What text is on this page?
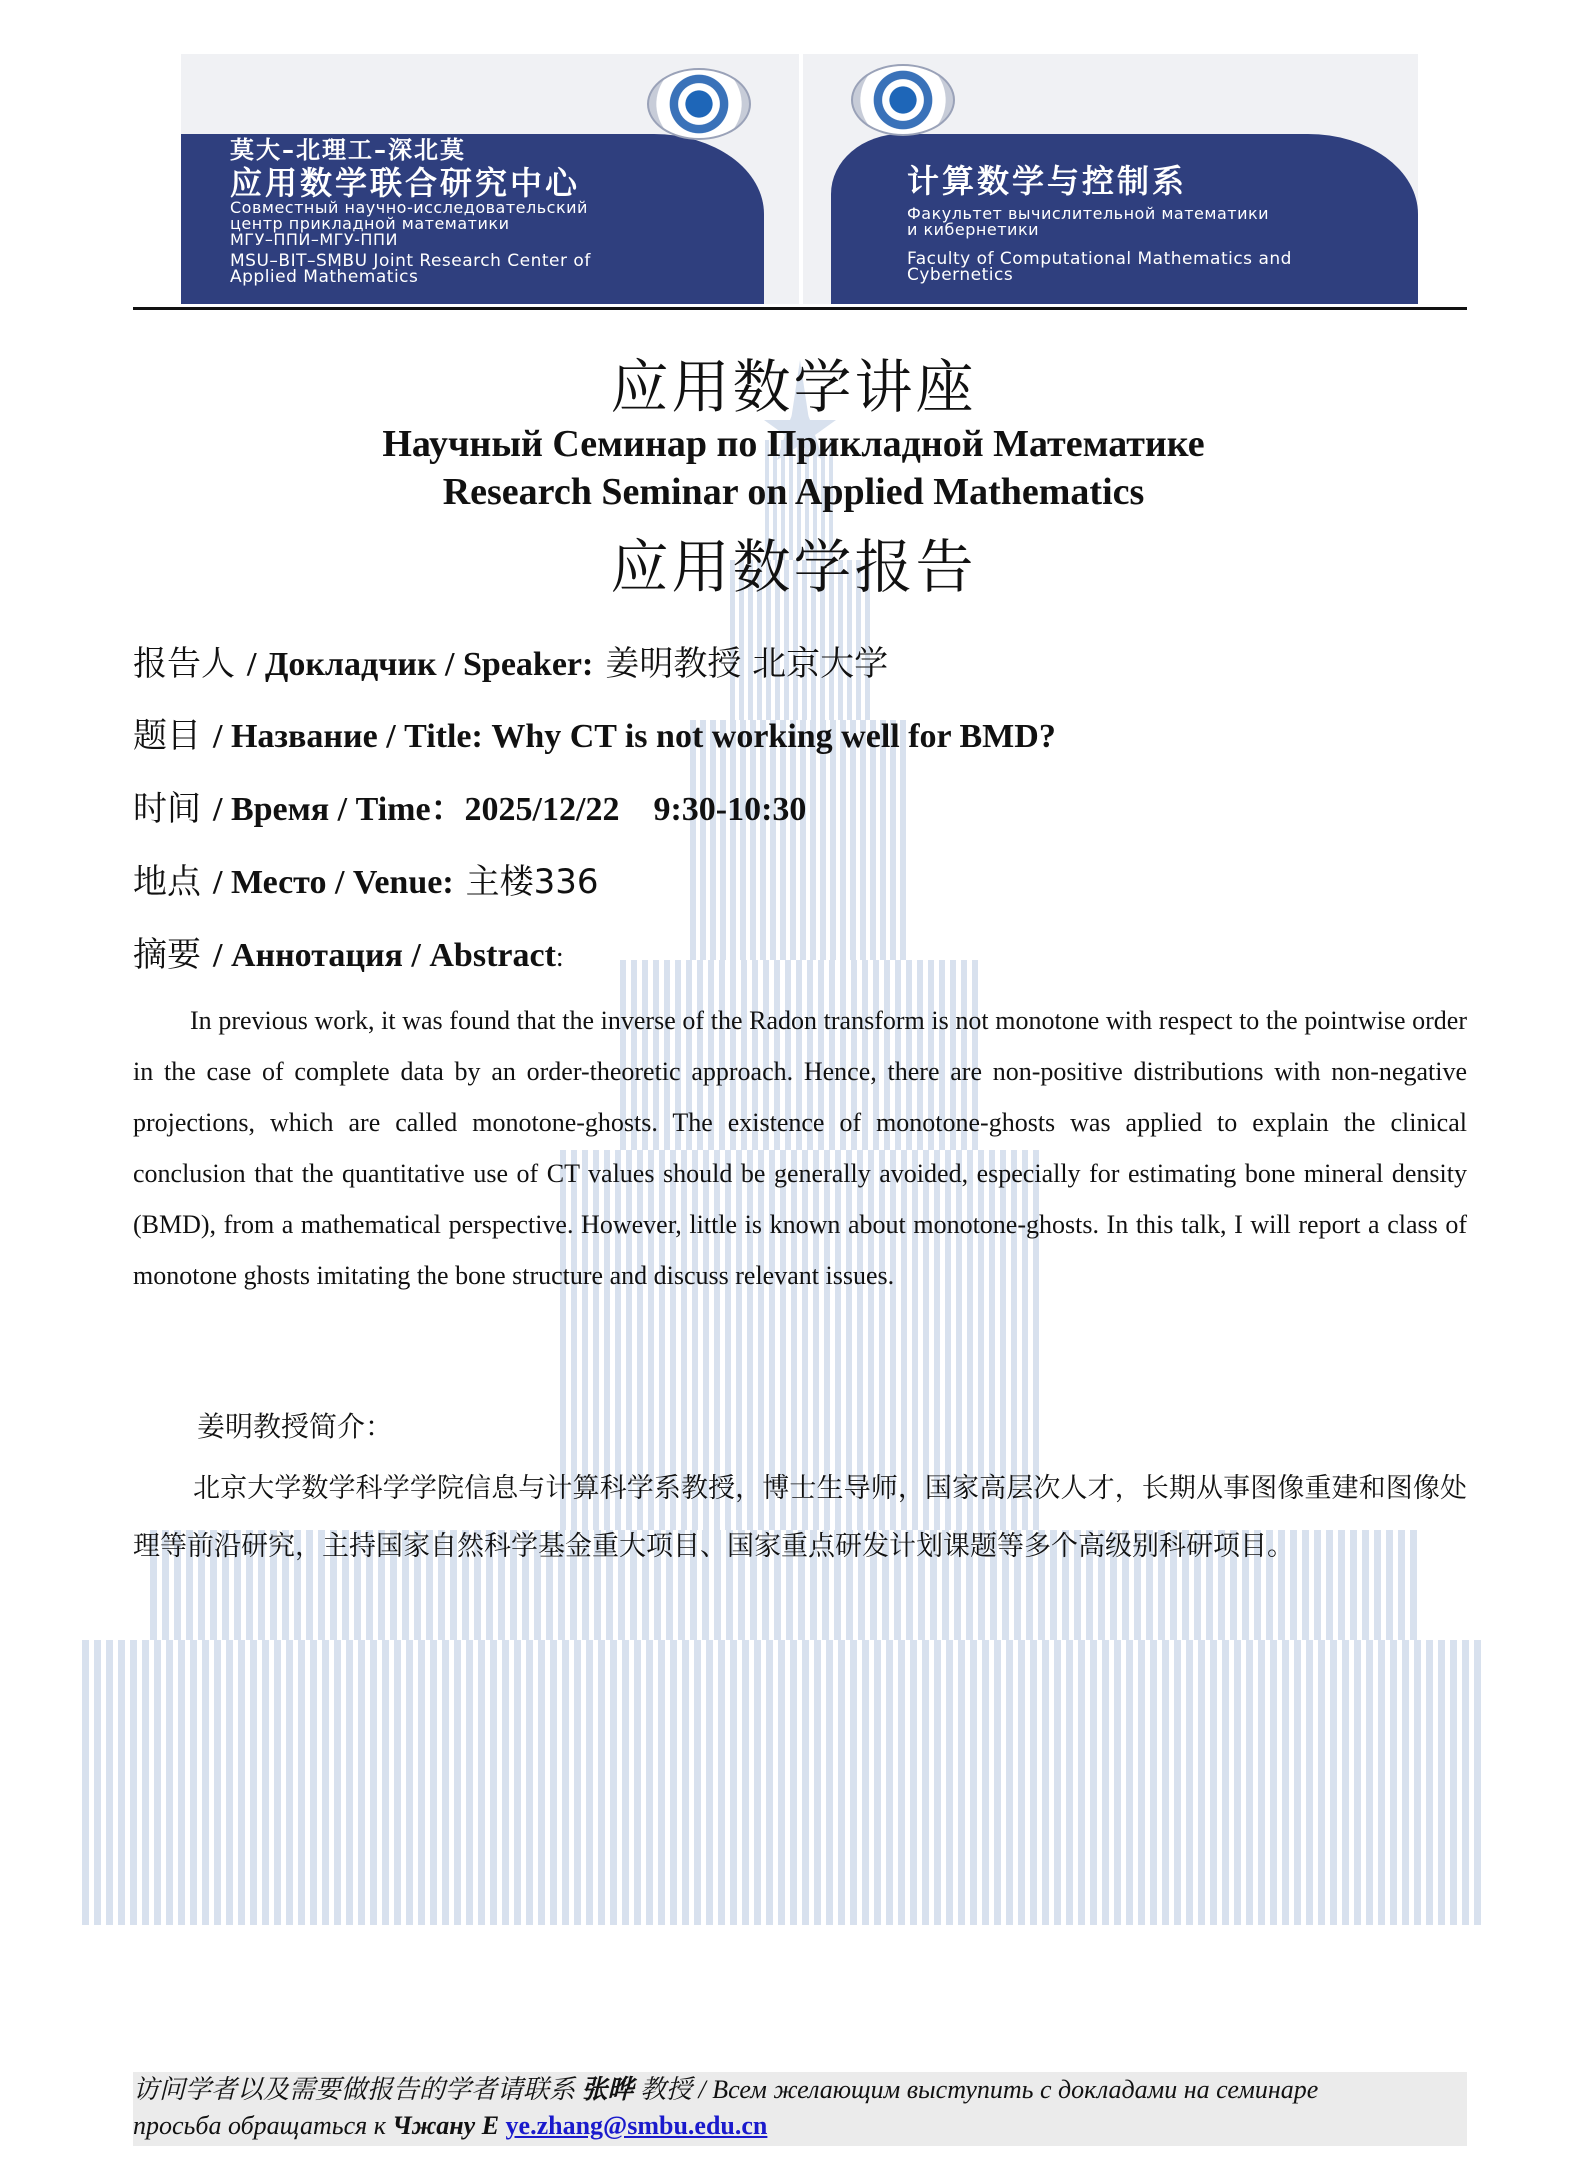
莫大–北理工–深北莫
应用数学联合研究中心
Совместный научно-исследовательский
центр прикладной математики
МГУ–ППИ–МГУ-ППИ
MSU–BIT–SMBU Joint Research Center of
Applied Mathematics
计算数学与控制系
Факультет вычислительной математики
и кибернетики
Faculty of Computational Mathematics and
Cybernetics
应用数学讲座
Научный Семинар по Прикладной Математике
Research Seminar on Applied Mathematics
应用数学报告
报告人 / Докладчик / Speaker: 姜明教授 北京大学
题目 / Название / Title: Why CT is not working well for BMD?
时间 / Время / Time：2025/12/22    9:30-10:30
地点 / Место / Venue: 主楼336
摘要 / Аннотация / Abstract:
In previous work, it was found that the inverse of the Radon transform is not monotone with respect to the pointwise order in the case of complete data by an order-theoretic approach. Hence, there are non-positive distributions with non-negative projections, which are called monotone-ghosts. The existence of monotone-ghosts was applied to explain the clinical conclusion that the quantitative use of CT values should be generally avoided, especially for estimating bone mineral density (BMD), from a mathematical perspective. However, little is known about monotone-ghosts. In this talk, I will report a class of monotone ghosts imitating the bone structure and discuss relevant issues.
姜明教授简介：
北京大学数学科学学院信息与计算科学系教授，博士生导师，国家高层次人才，长期从事图像重建和图像处理等前沿研究，主持国家自然科学基金重大项目、国家重点研发计划课题等多个高级别科研项目。
访问学者以及需要做报告的学者请联系 张晔 教授 / Всем желающим выступить с докладами на семинаре
просьба обращаться к Чжану Е ye.zhang@smbu.edu.cn
